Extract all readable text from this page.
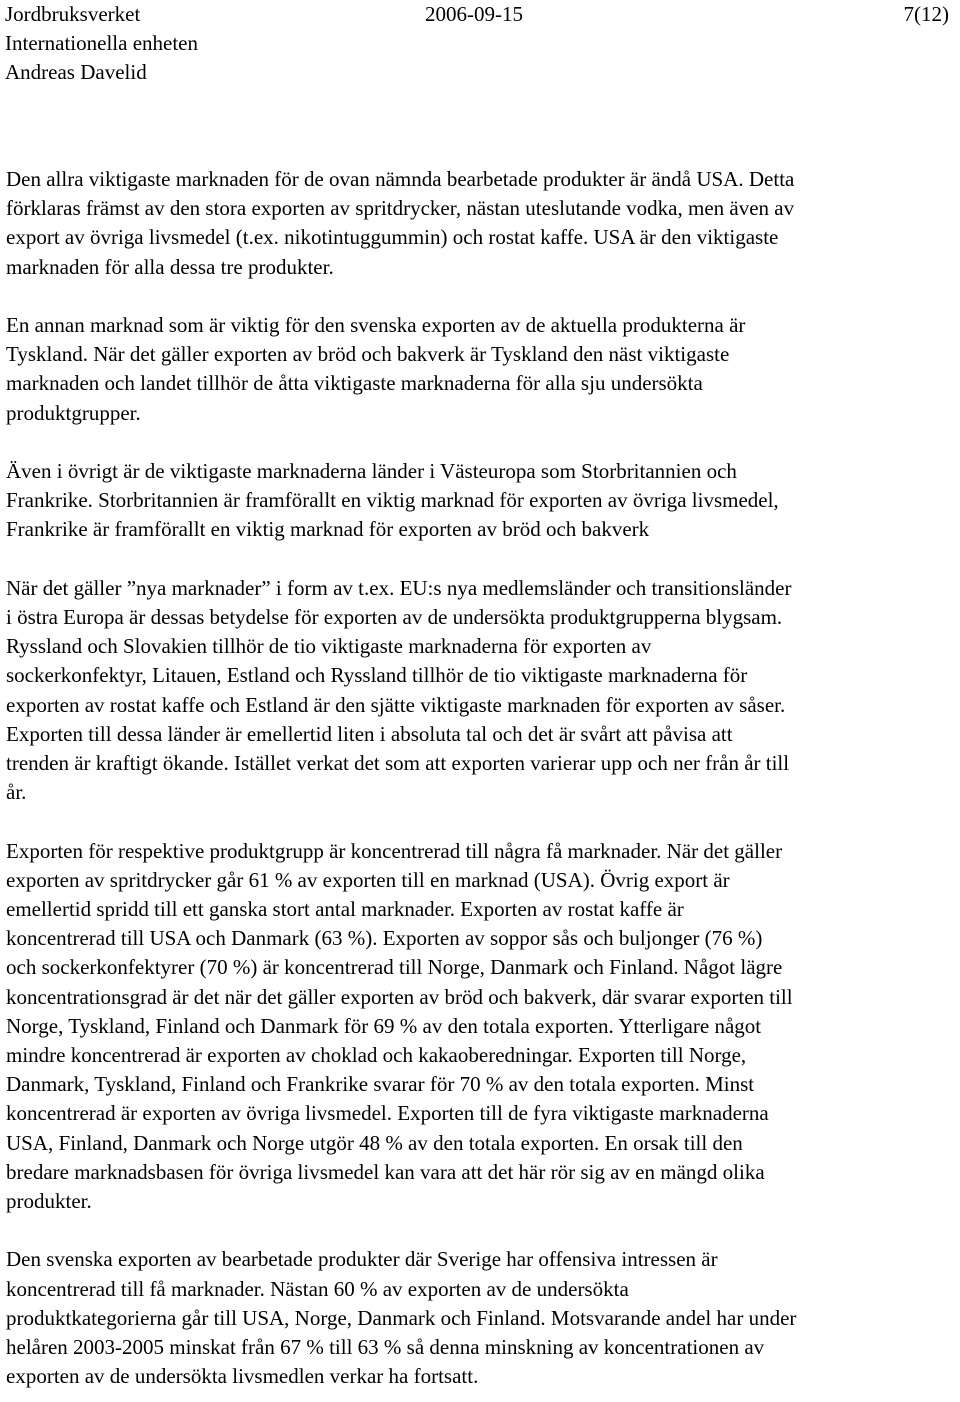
Jordbruksverket
Internationella enheten
Andreas Davelid
2006-09-15	7(12)
Den allra viktigaste marknaden för de ovan nämnda bearbetade produkter är ändå USA. Detta
förklaras främst av den stora exporten av spritdrycker, nästan uteslutande vodka, men även av
export av övriga livsmedel (t.ex. nikotintuggummin) och rostat kaffe. USA är den viktigaste
marknaden för alla dessa tre produkter.
En annan marknad som är viktig för den svenska exporten av de aktuella produkterna är
Tyskland. När det gäller exporten av bröd och bakverk är Tyskland den näst viktigaste
marknaden och landet tillhör de åtta viktigaste marknaderna för alla sju undersökta
produktgrupper.
Även i övrigt är de viktigaste marknaderna länder i Västeuropa som Storbritannien och
Frankrike. Storbritannien är framförallt en viktig marknad för exporten av övriga livsmedel,
Frankrike är framförallt en viktig marknad för exporten av bröd och bakverk
När det gäller ”nya marknader” i form av t.ex. EU:s nya medlemsländer och transitionsländer
i östra Europa är dessas betydelse för exporten av de undersökta produktgrupperna blygsam.
Ryssland och Slovakien tillhör de tio viktigaste marknaderna för exporten av
sockerkonfektyr, Litauen, Estland och Ryssland tillhör de tio viktigaste marknaderna för
exporten av rostat kaffe och Estland är den sjätte viktigaste marknaden för exporten av såser.
Exporten till dessa länder är emellertid liten i absoluta tal och det är svårt att påvisa att
trenden är kraftigt ökande. Istället verkat det som att exporten varierar upp och ner från år till
år.
Exporten för respektive produktgrupp är koncentrerad till några få marknader. När det gäller
exporten av spritdrycker går 61 % av exporten till en marknad (USA). Övrig export är
emellertid spridd till ett ganska stort antal marknader. Exporten av rostat kaffe är
koncentrerad till USA och Danmark (63 %). Exporten av soppor sås och buljonger (76 %)
och sockerkonfektyrer (70 %) är koncentrerad till Norge, Danmark och Finland. Något lägre
koncentrationsgrad är det när det gäller exporten av bröd och bakverk, där svarar exporten till
Norge, Tyskland, Finland och Danmark för 69 % av den totala exporten. Ytterligare något
mindre koncentrerad är exporten av choklad och kakaoberedningar. Exporten till Norge,
Danmark, Tyskland, Finland och Frankrike svarar för 70 % av den totala exporten. Minst
koncentrerad är exporten av övriga livsmedel. Exporten till de fyra viktigaste marknaderna
USA, Finland, Danmark och Norge utgör 48 % av den totala exporten. En orsak till den
bredare marknadsbasen för övriga livsmedel kan vara att det här rör sig av en mängd olika
produkter.
Den svenska exporten av bearbetade produkter där Sverige har offensiva intressen är
koncentrerad till få marknader. Nästan 60 % av exporten av de undersökta
produktkategorierna går till USA, Norge, Danmark och Finland. Motsvarande andel har under
helåren 2003-2005 minskat från 67 % till 63 % så denna minskning av koncentrationen av
exporten av de undersökta livsmedlen verkar ha fortsatt.
